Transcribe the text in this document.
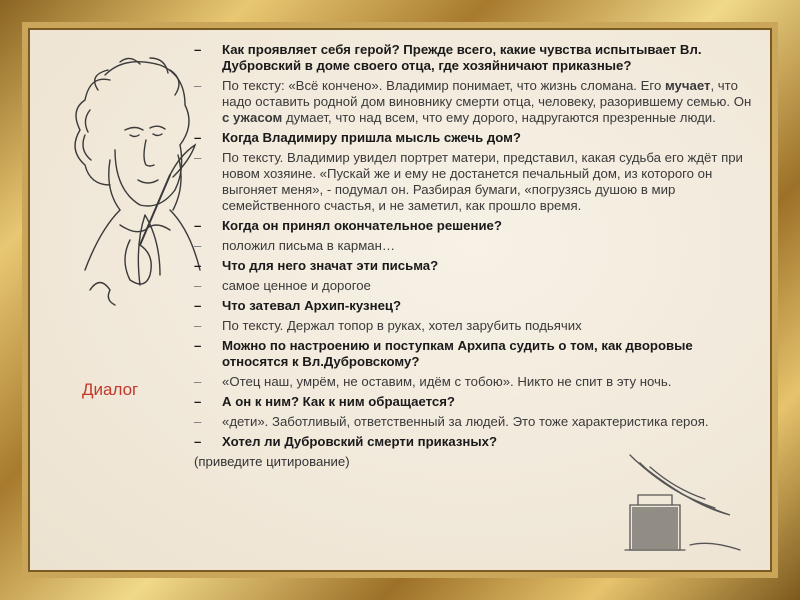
Диалог
–	Как проявляет себя герой? Прежде всего, какие чувства испытывает Вл. Дубровский в доме своего отца, где хозяйничают приказные?
–	По тексту: «Всё кончено». Владимир понимает, что жизнь сломана. Его мучает, что надо оставить родной дом виновнику смерти отца, человеку, разорившему семью. Он с ужасом думает, что над всем, что ему дорого, надругаются презренные люди.
–	Когда Владимиру пришла мысль сжечь дом?
–	По тексту. Владимир увидел портрет матери, представил, какая судьба его ждёт при новом хозяине. «Пускай же и ему не достанется печальный дом, из которого он выгоняет меня», - подумал он. Разбирая бумаги, «погрузясь душою в мир семейственного счастья, и не заметил, как прошло время.
–	Когда он принял окончательное решение?
–	положил письма в карман…
–	Что для него значат эти письма?
–	самое ценное и дорогое
–	Что затевал Архип-кузнец?
–	По тексту. Держал топор в руках, хотел зарубить подьячих
–	Можно по настроению и поступкам Архипа судить о том, как дворовые относятся к Вл.Дубровскому?
–	«Отец наш, умрём, не оставим, идём с тобою». Никто не спит в эту ночь.
–	А он к ним? Как к ним обращается?
–	«дети». Заботливый, ответственный за людей. Это тоже характеристика героя.
–	Хотел ли Дубровский смерти приказных?
(приведите цитирование)
